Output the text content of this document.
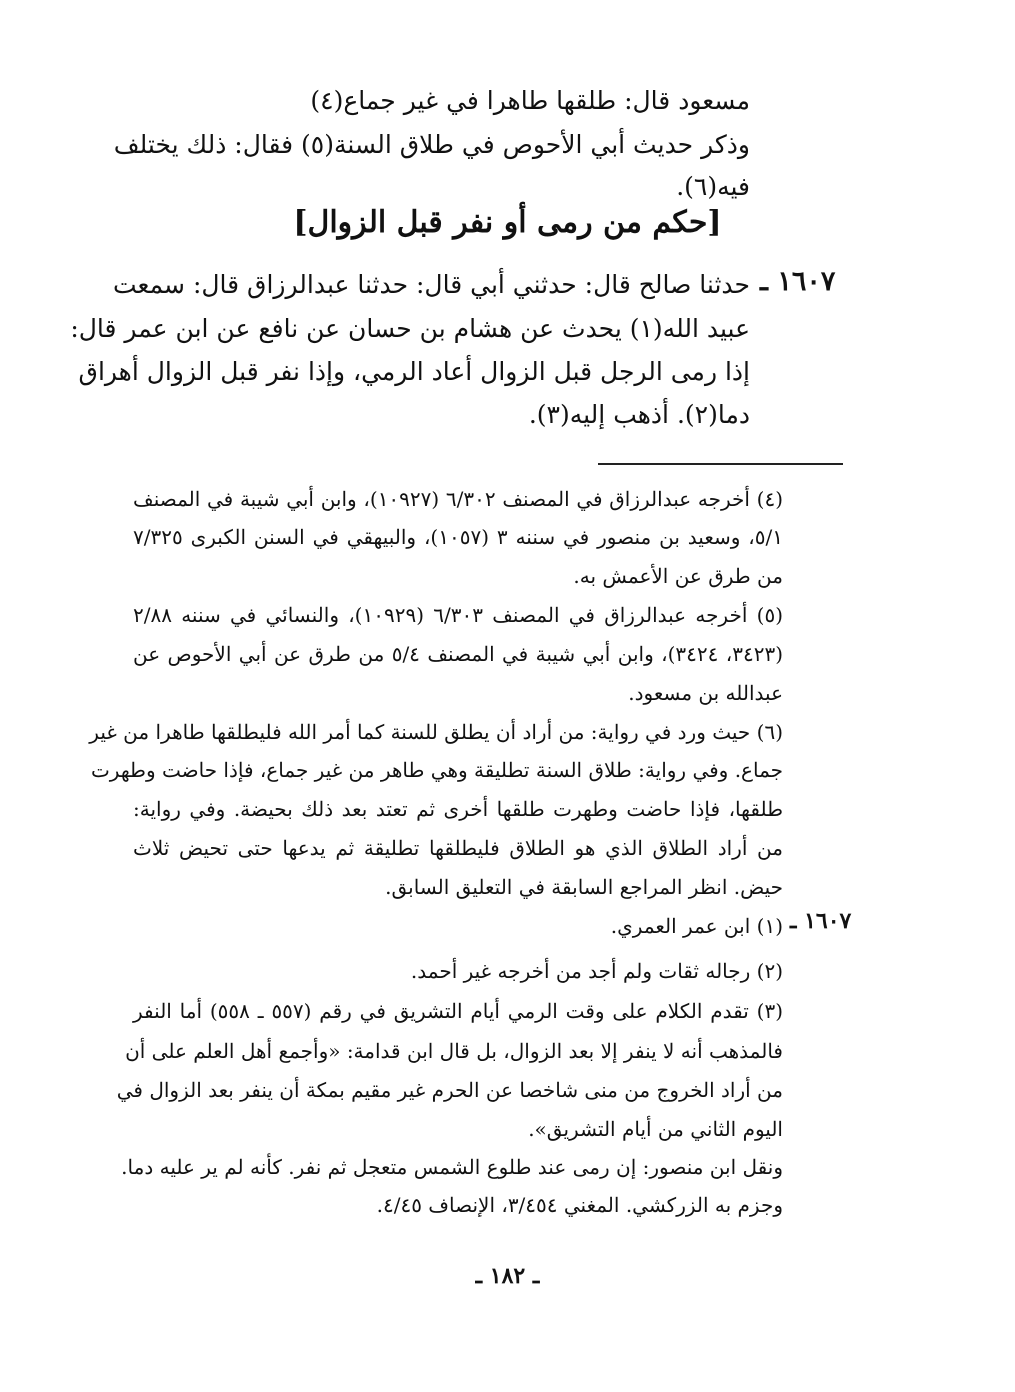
مسعود قال: طلقها طاهرا في غير جماع(٤)
وذكر حديث أبي الأحوص في طلاق السنة(٥) فقال: ذلك يختلف
فيه(٦).
[حكم من رمى أو نفر قبل الزوال]
١٦٠٧ ـ
حدثنا صالح قال: حدثني أبي قال: حدثنا عبدالرزاق قال: سمعت
عبيد الله(١) يحدث عن هشام بن حسان عن نافع عن ابن عمر قال:
إذا رمى الرجل قبل الزوال أعاد الرمي، وإذا نفر قبل الزوال أهراق
دما(٢). أذهب إليه(٣).
(٤) أخرجه عبدالرزاق في المصنف ٦/٣٠٢ (١٠٩٢٧)، وابن أبي شيبة في المصنف
٥/١، وسعيد بن منصور في سننه ٣ (١٠٥٧)، والبيهقي في السنن الكبرى ٧/٣٢٥
من طرق عن الأعمش به.
(٥) أخرجه عبدالرزاق في المصنف ٦/٣٠٣ (١٠٩٢٩)، والنسائي في سننه ٢/٨٨
(٣٤٢٣، ٣٤٢٤)، وابن أبي شيبة في المصنف ٥/٤ من طرق عن أبي الأحوص عن
عبدالله بن مسعود.
(٦) حيث ورد في رواية: من أراد أن يطلق للسنة كما أمر الله فليطلقها طاهرا من غير
جماع. وفي رواية: طلاق السنة تطليقة وهي طاهر من غير جماع، فإذا حاضت وطهرت
طلقها، فإذا حاضت وطهرت طلقها أخرى ثم تعتد بعد ذلك بحيضة. وفي رواية:
من أراد الطلاق الذي هو الطلاق فليطلقها تطليقة ثم يدعها حتى تحيض ثلاث
حيض. انظر المراجع السابقة في التعليق السابق.
١٦٠٧ ـ
(١) ابن عمر العمري.
(٢) رجاله ثقات ولم أجد من أخرجه غير أحمد.
(٣) تقدم الكلام على وقت الرمي أيام التشريق في رقم (٥٥٧ ـ ٥٥٨) أما النفر
فالمذهب أنه لا ينفر إلا بعد الزوال، بل قال ابن قدامة: «وأجمع أهل العلم على أن
من أراد الخروج من منى شاخصا عن الحرم غير مقيم بمكة أن ينفر بعد الزوال في
اليوم الثاني من أيام التشريق».
ونقل ابن منصور: إن رمى عند طلوع الشمس متعجل ثم نفر. كأنه لم ير عليه دما.
وجزم به الزركشي. المغني ٣/٤٥٤، الإنصاف ٤/٤٥.
ـ ١٨٢ ـ
